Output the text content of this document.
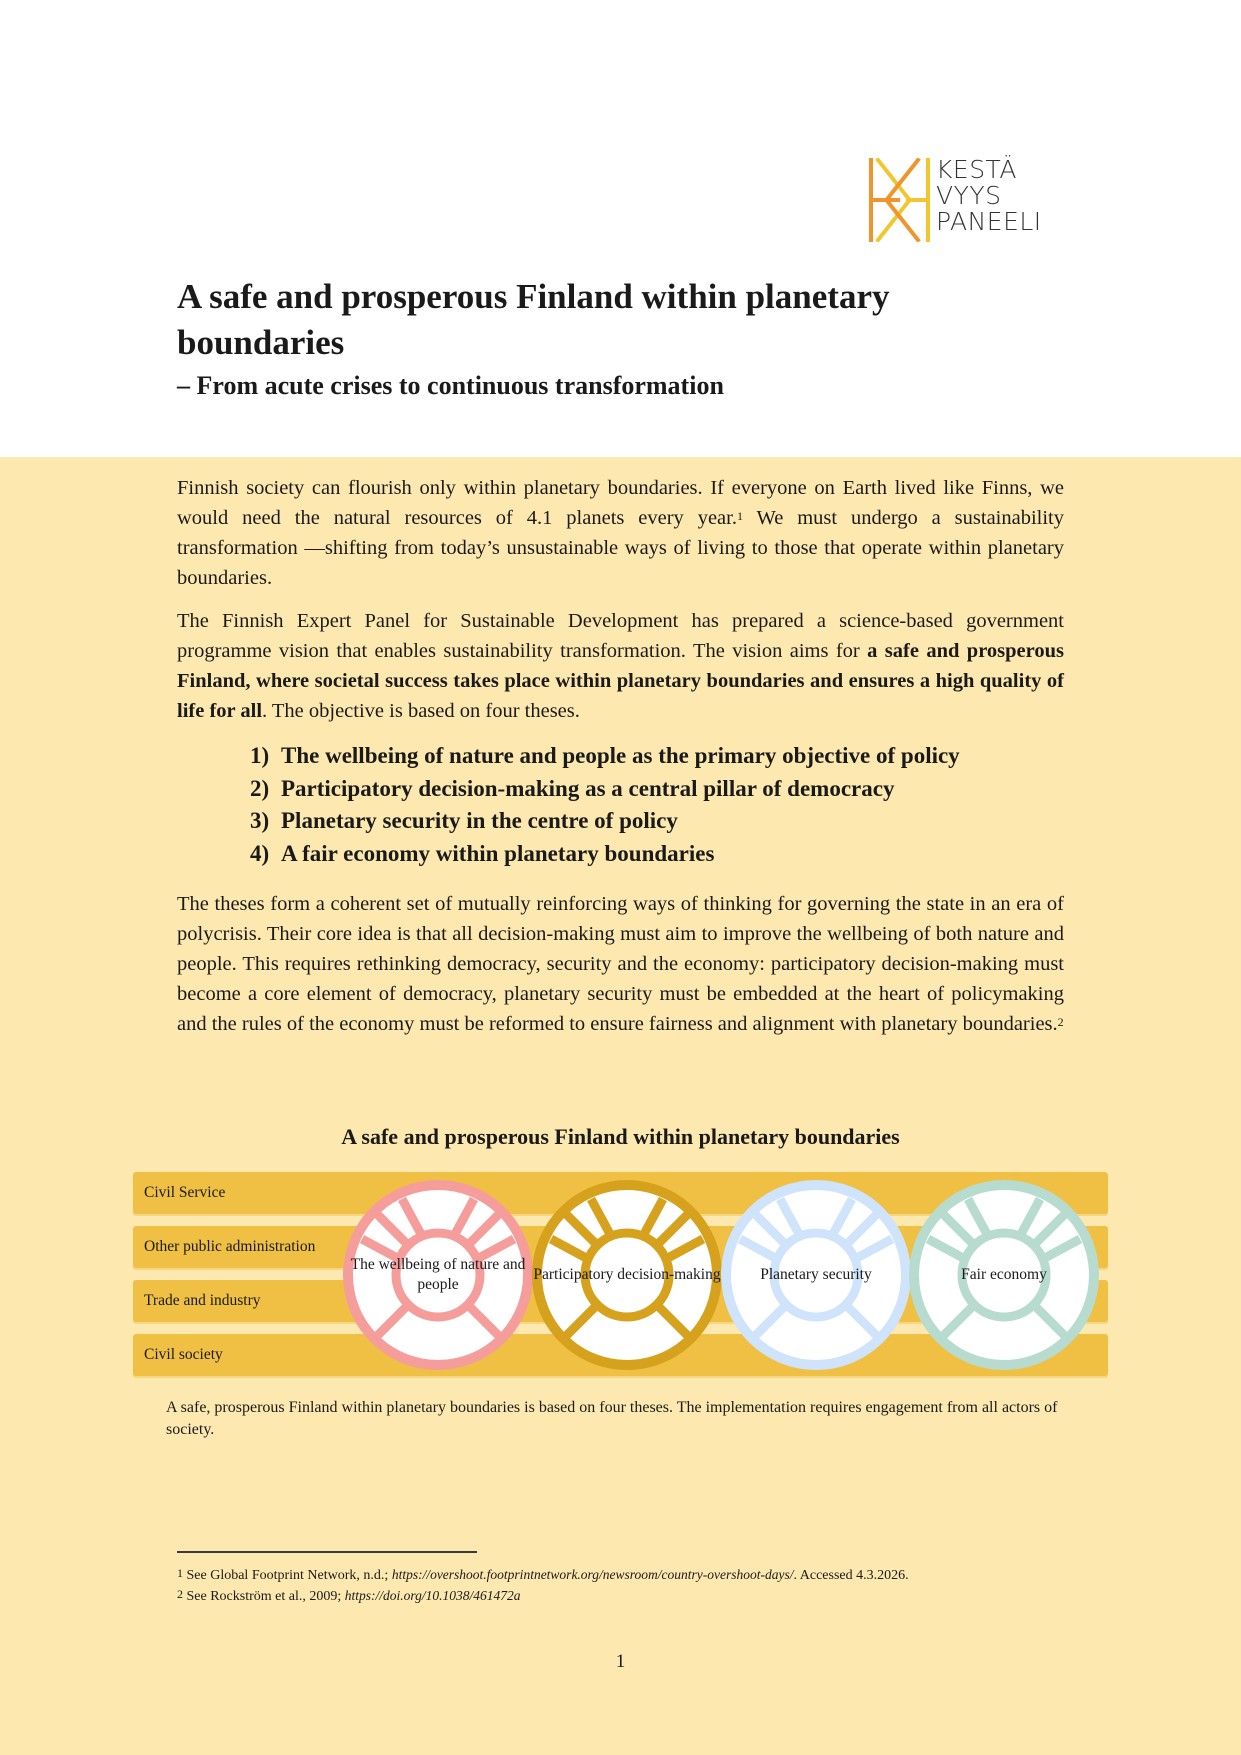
KESTÄ
VYYS
PANEELI
A safe and prosperous Finland within planetary boundaries
– From acute crises to continuous transformation

Finnish society can flourish only within planetary boundaries. If everyone on Earth lived like Finns, we would need the natural resources of 4.1 planets every year.$^1$ We must undergo a sustainability transformation —shifting from today’s unsustainable ways of living to those that operate within planetary boundaries.

The Finnish Expert Panel for Sustainable Development has prepared a science-based government programme vision that enables sustainability transformation. The vision aims for a safe and prosperous Finland, where societal success takes place within planetary boundaries and ensures a high quality of life for all. The objective is based on four theses.

1) The wellbeing of nature and people as the primary objective of policy
2) Participatory decision-making as a central pillar of democracy
3) Planetary security in the centre of policy
4) A fair economy within planetary boundaries

The theses form a coherent set of mutually reinforcing ways of thinking for governing the state in an era of polycrisis. Their core idea is that all decision-making must aim to improve the wellbeing of both nature and people. This requires rethinking democracy, security and the economy: participatory decision-making must become a core element of democracy, planetary security must be embedded at the heart of policymaking and the rules of the economy must be reformed to ensure fairness and alignment with planetary boundaries.$^2$

A safe and prosperous Finland within planetary boundaries
Civil Service
Other public administration
Trade and industry
Civil society
The wellbeing of nature and people
Participatory decision-making	Planetary security	Fair economy

A safe, prosperous Finland within planetary boundaries is based on four theses. The implementation requires engagement from all actors of society.

$^1$ See Global Footprint Network, n.d.; https://overshoot.footprintnetwork.org/newsroom/country-overshoot-days/. Accessed 4.3.2026.
$^2$ See Rockström et al., 2009; https://doi.org/10.1038/461472a
1
